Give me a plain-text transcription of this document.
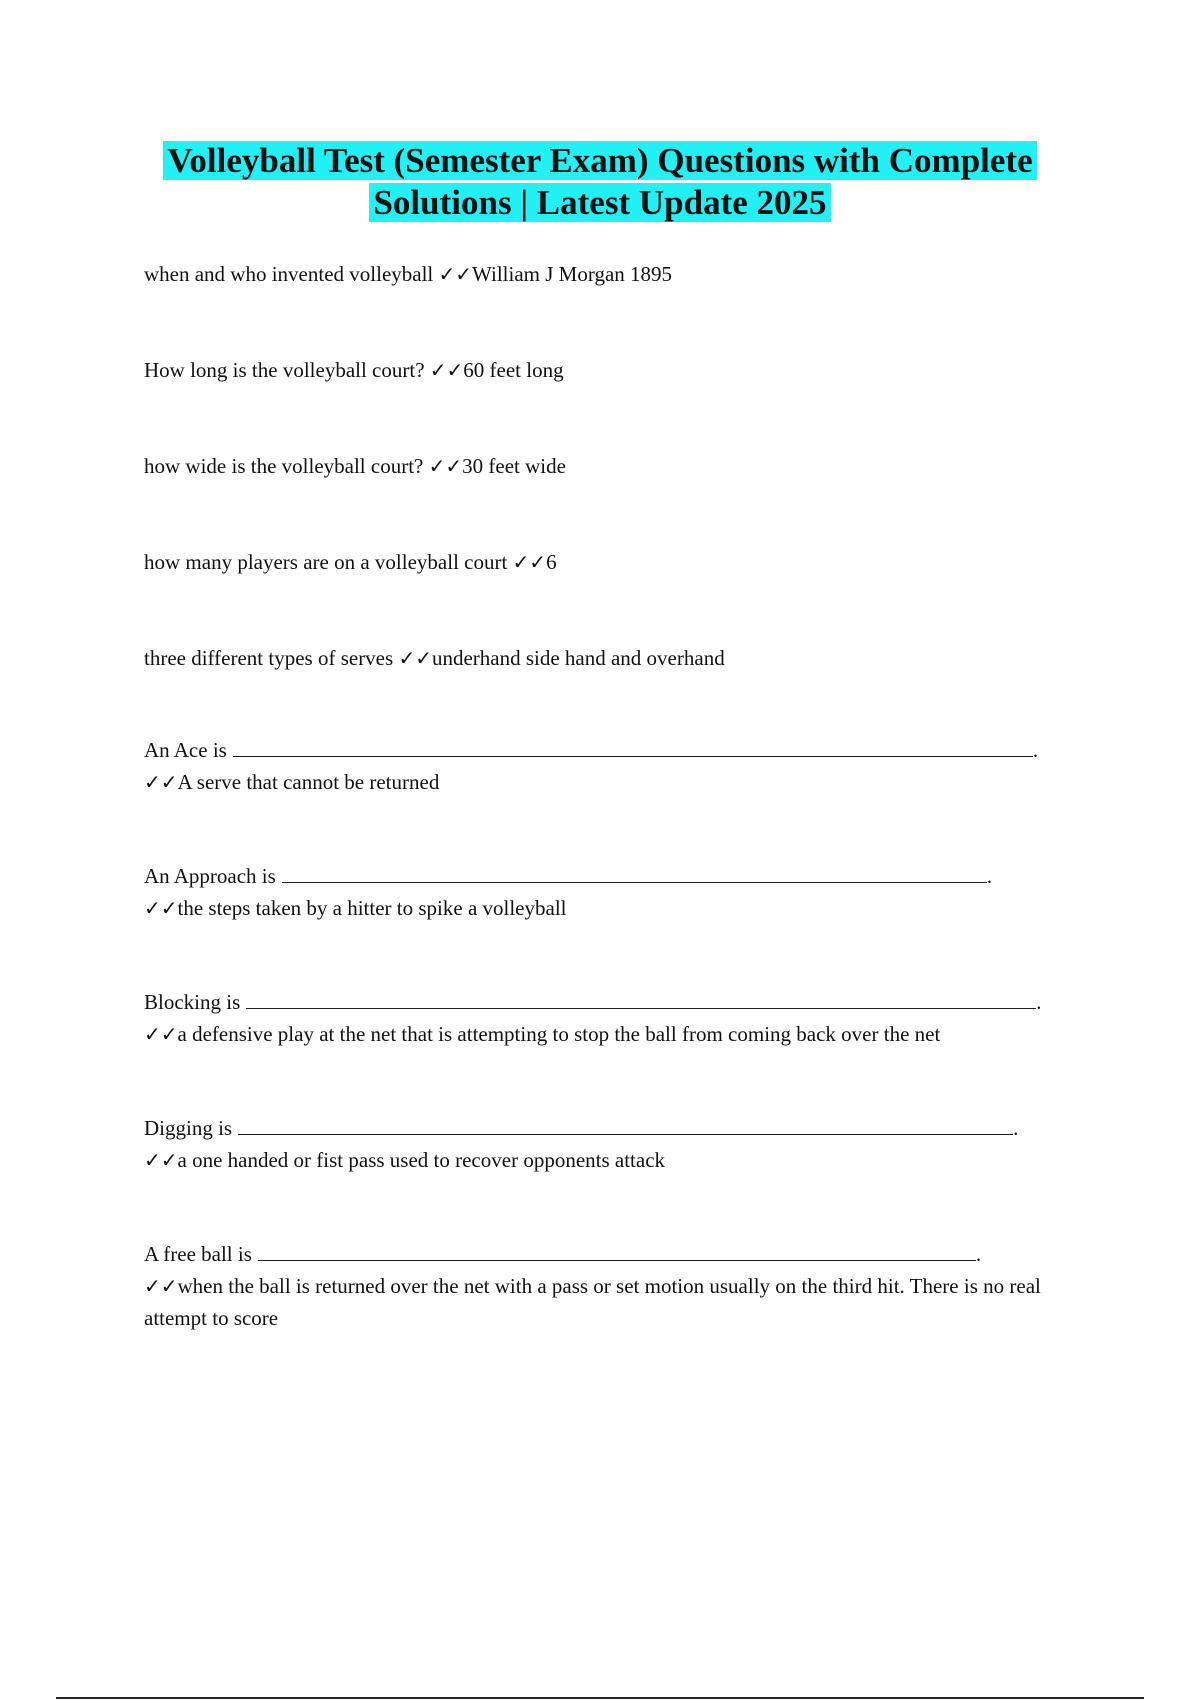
Volleyball Test (Semester Exam) Questions with Complete
Solutions | Latest Update 2025
when and who invented volleyball ✓✓William J Morgan 1895
How long is the volleyball court? ✓✓60 feet long
how wide is the volleyball court? ✓✓30 feet wide
how many players are on a volleyball court ✓✓6
three different types of serves ✓✓underhand side hand and overhand
An Ace is	.
✓✓A serve that cannot be returned
An Approach is	.
✓✓the steps taken by a hitter to spike a volleyball
Blocking is	.
✓✓a defensive play at the net that is attempting to stop the ball from coming back over the net
Digging is	.
✓✓a one handed or fist pass used to recover opponents attack
A free ball is	.
✓✓when the ball is returned over the net with a pass or set motion usually on the third hit. There is no real attempt to score
